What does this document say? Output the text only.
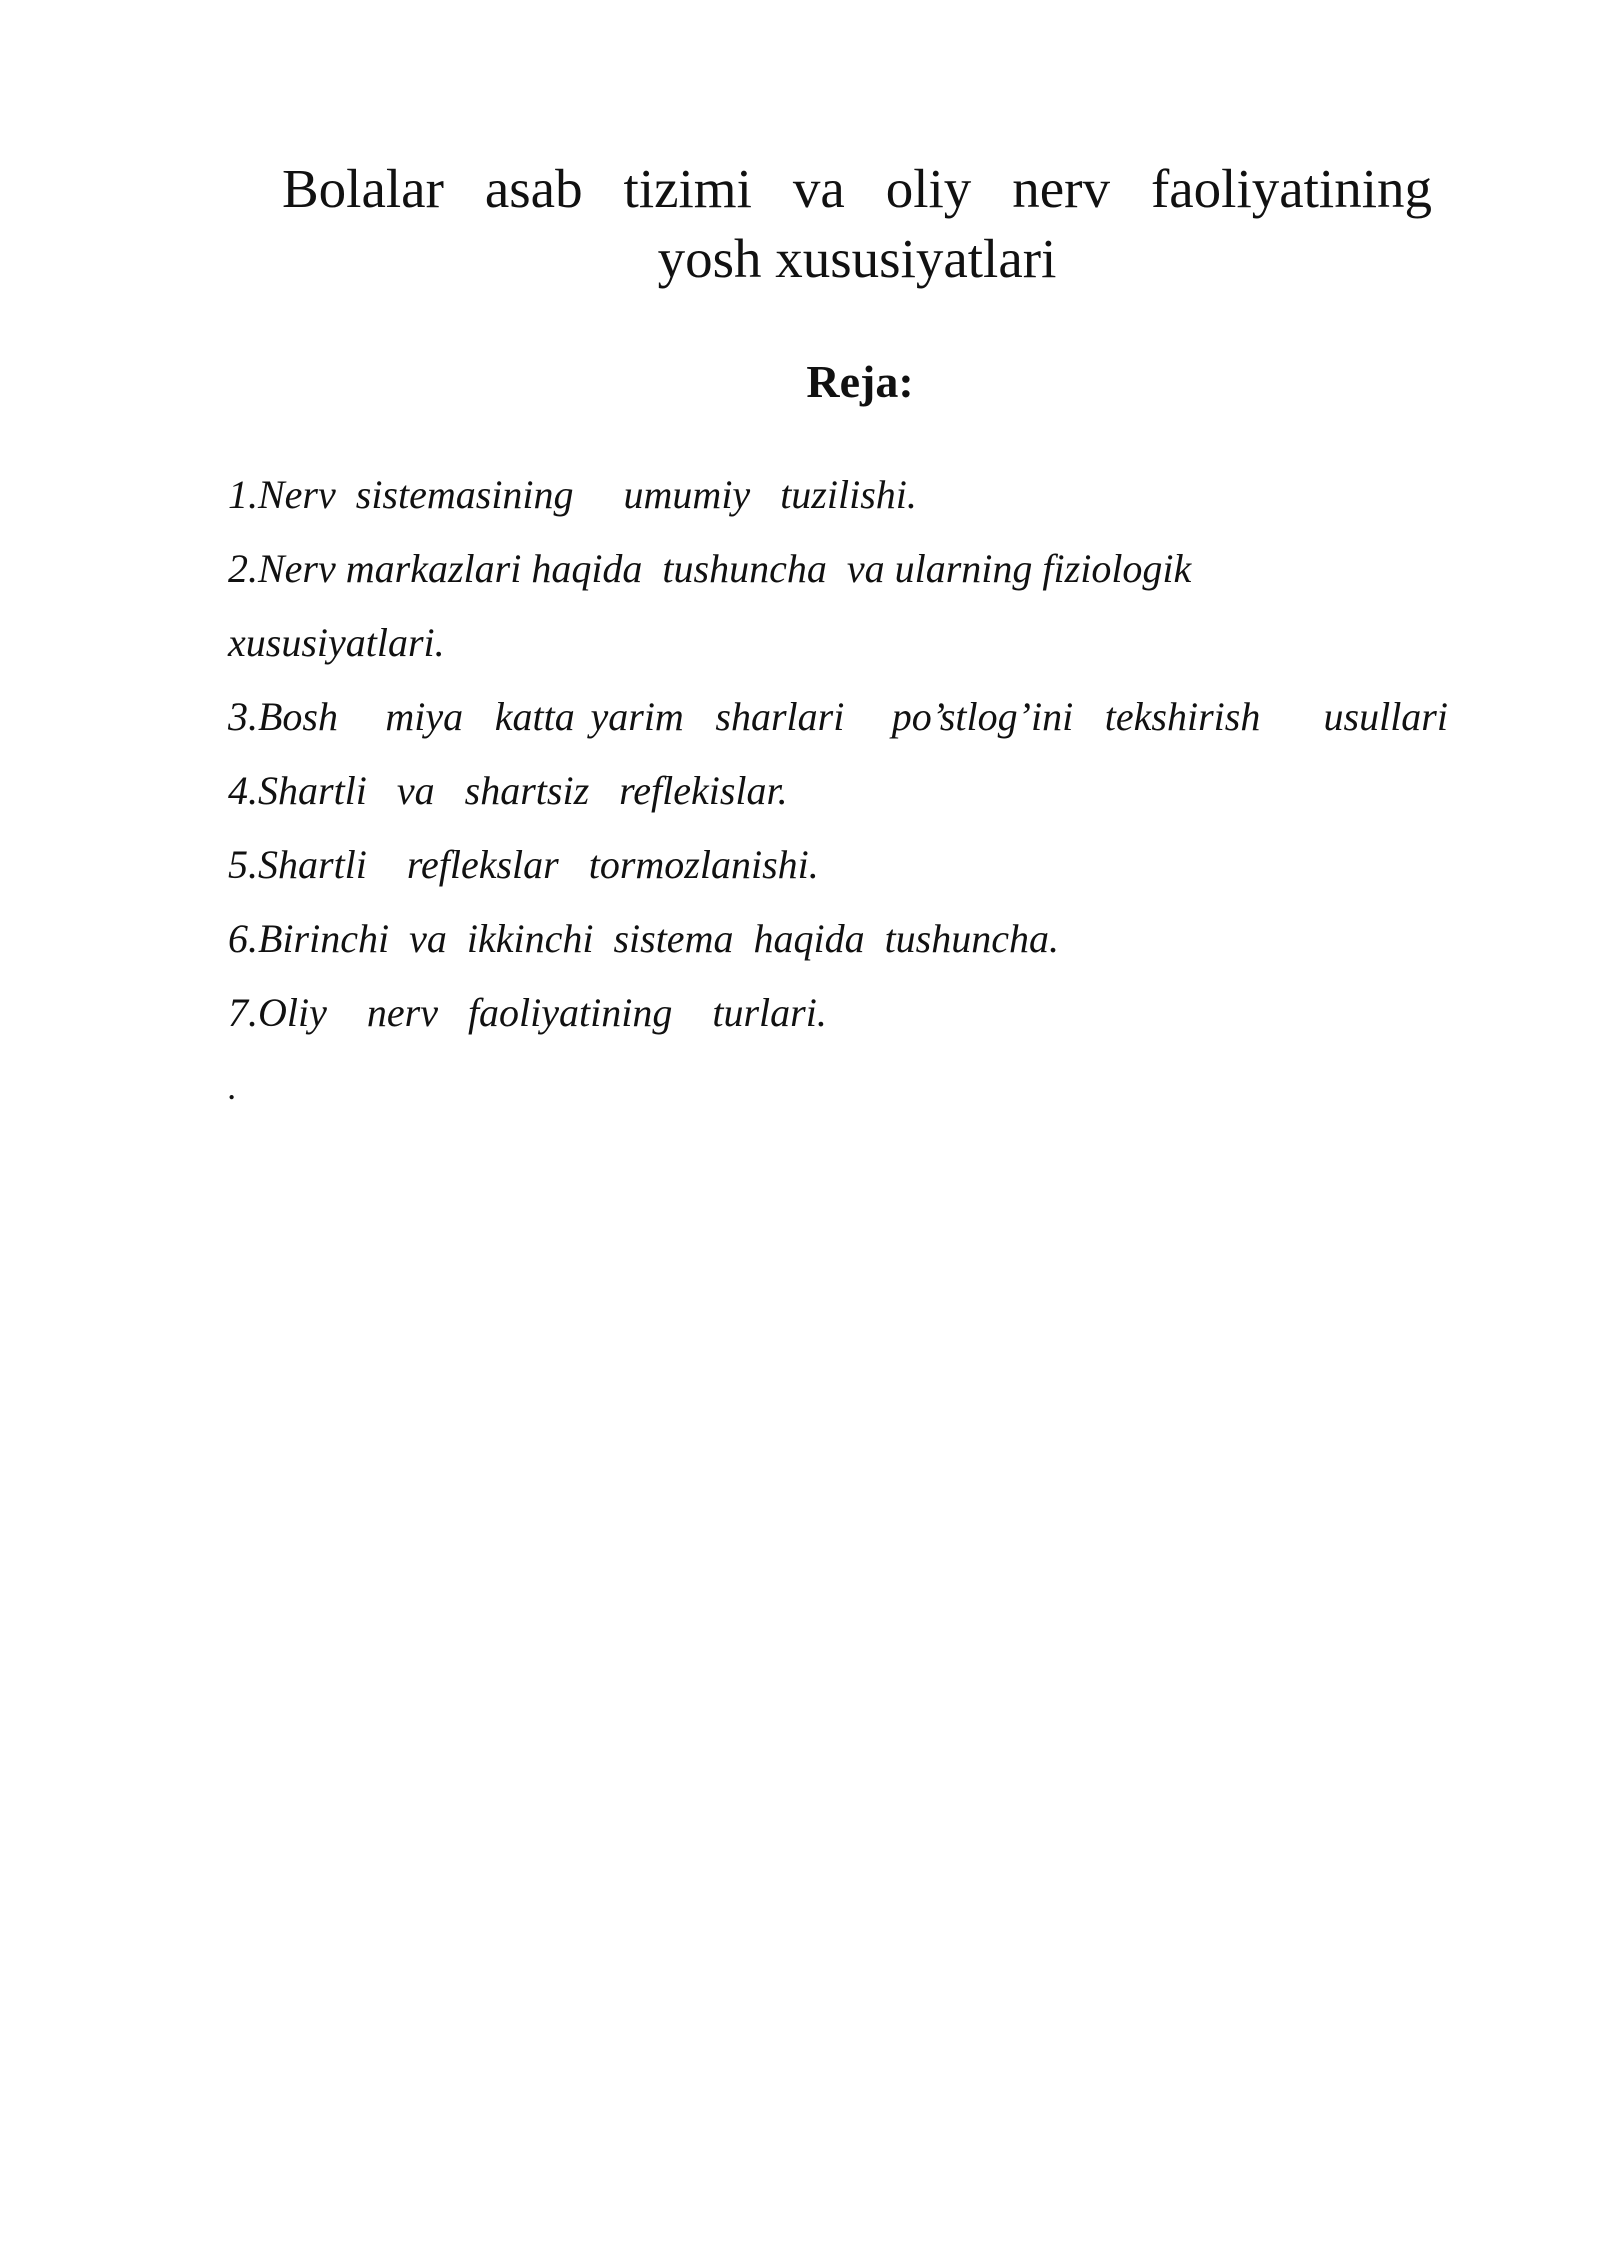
Bolalar asab tizimi va oliy nerv faoliyatining
yosh xususiyatlari
Reja:
1.Nerv  sistemasining     umumiy   tuzilishi.
2.Nerv markazlari haqida  tushuncha  va ularning fiziologik
xususiyatlari.
3.Bosh   miya  katta yarim  sharlari   po’stlog’ini  tekshirish    usullari
4.Shartli   va   shartsiz   reflekislar.
5.Shartli    reflekslar   tormozlanishi.
6.Birinchi  va  ikkinchi  sistema  haqida  tushuncha.
7.Oliy    nerv   faoliyatining    turlari.
.
